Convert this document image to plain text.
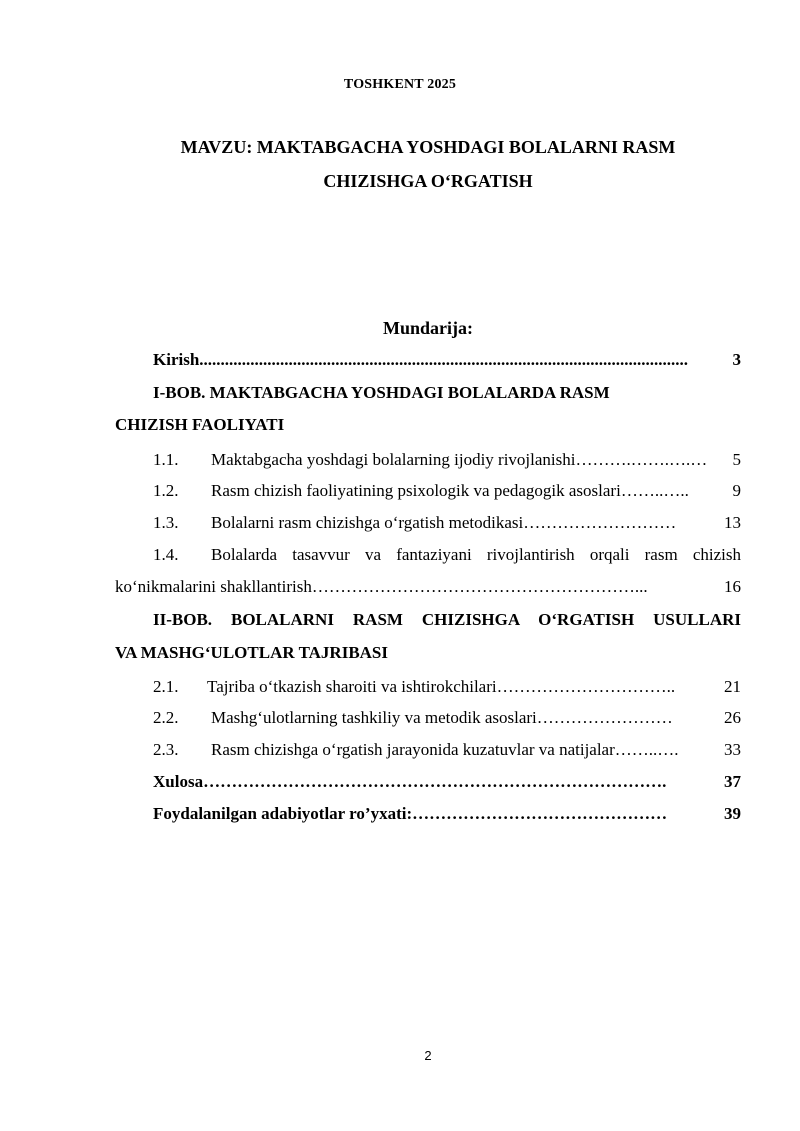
TOSHKENT 2025
MAVZU: MAKTABGACHA YOSHDAGI BOLALARNI RASM
CHIZISHGA O‘RGATISH
Mundarija:
Kirish ...................................................................................................................	3
I-BOB. MAKTABGACHA YOSHDAGI BOLALARDA RASM
CHIZISH FAOLIYATI
1.1. Maktabgacha yoshdagi bolalarning ijodiy rivojlanishi ……….…….….…	5
1.2. Rasm chizish faoliyatining psixologik va pedagogik asoslari ……..…..	9
1.3. Bolalarni rasm chizishga o‘rgatish metodikasi ………………………	13
1.4. Bolalarda tasavvur va fantaziyani rivojlantirish orqali rasm chizish
ko‘nikmalarini shakllantirish …………………………………………………...	16
II-BOB. BOLALARNI RASM CHIZISHGA O‘RGATISH USULLARI
VA MASHG‘ULOTLAR TAJRIBASI
2.1. Tajriba o‘tkazish sharoiti va ishtirokchilari …………………………..	21
2.2. Mashg‘ulotlarning tashkiliy va metodik asoslari ……………………	26
2.3. Rasm chizishga o‘rgatish jarayonida kuzatuvlar va natijalar ……..….	33
Xulosa ……………………………………………………………………….	37
Foydalanilgan adabiyotlar ro’yxati: ………………………………………	39
2
